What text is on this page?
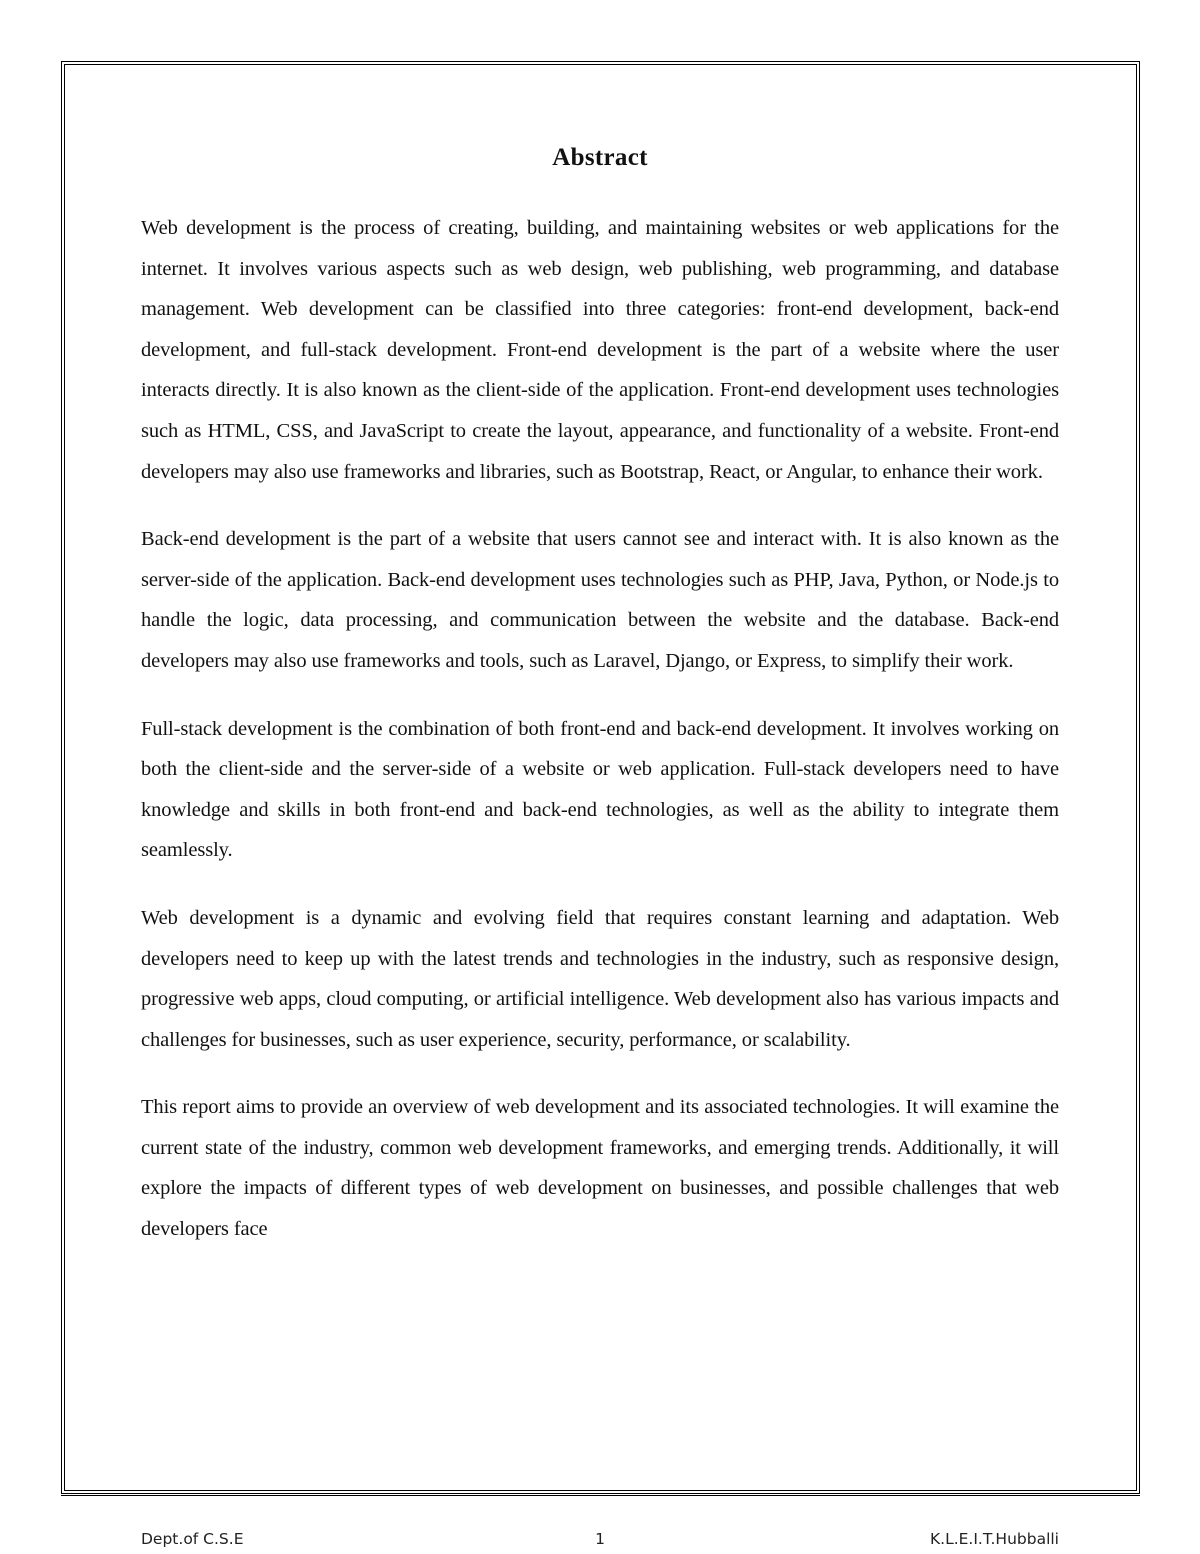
Abstract

Web development is the process of creating, building, and maintaining websites or web applications for the internet. It involves various aspects such as web design, web publishing, web programming, and database management. Web development can be classified into three categories: front-end development, back-end development, and full-stack development. Front-end development is the part of a website where the user interacts directly. It is also known as the client-side of the application. Front-end development uses technologies such as HTML, CSS, and JavaScript to create the layout, appearance, and functionality of a website. Front-end developers may also use frameworks and libraries, such as Bootstrap, React, or Angular, to enhance their work.

Back-end development is the part of a website that users cannot see and interact with. It is also known as the server-side of the application. Back-end development uses technologies such as PHP, Java, Python, or Node.js to handle the logic, data processing, and communication between the website and the database. Back-end developers may also use frameworks and tools, such as Laravel, Django, or Express, to simplify their work.

Full-stack development is the combination of both front-end and back-end development. It involves working on both the client-side and the server-side of a website or web application. Full-stack developers need to have knowledge and skills in both front-end and back-end technologies, as well as the ability to integrate them seamlessly.

Web development is a dynamic and evolving field that requires constant learning and adaptation. Web developers need to keep up with the latest trends and technologies in the industry, such as responsive design, progressive web apps, cloud computing, or artificial intelligence. Web development also has various impacts and challenges for businesses, such as user experience, security, performance, or scalability.

This report aims to provide an overview of web development and its associated technologies. It will examine the current state of the industry, common web development frameworks, and emerging trends. Additionally, it will explore the impacts of different types of web development on businesses, and possible challenges that web developers face

Dept.of C.S.E	1	K.L.E.I.T.Hubballi
